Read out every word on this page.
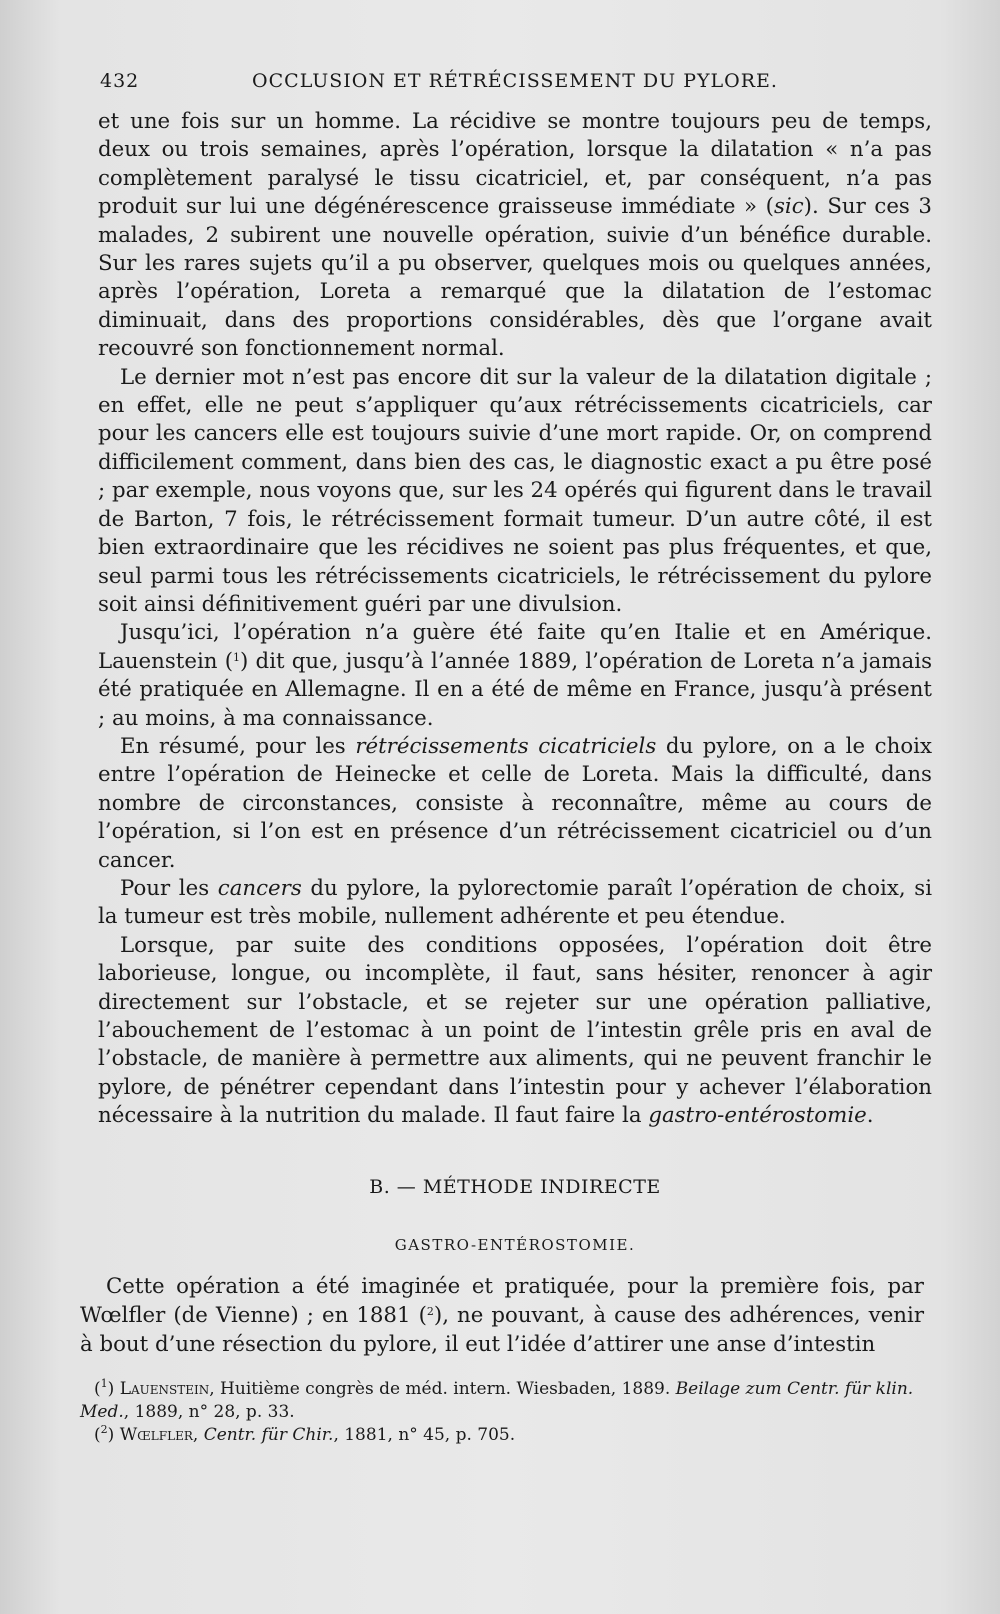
432	OCCLUSION ET RÉTRÉCISSEMENT DU PYLORE.

et une fois sur un homme. La récidive se montre toujours peu de temps, deux ou trois semaines, après l’opération, lorsque la dilatation « n’a pas complètement paralysé le tissu cicatriciel, et, par conséquent, n’a pas produit sur lui une dégénérescence graisseuse immédiate » (sic). Sur ces 3 malades, 2 subirent une nouvelle opération, suivie d’un bénéfice durable. Sur les rares sujets qu’il a pu observer, quelques mois ou quelques années, après l’opération, Loreta a remarqué que la dilatation de l’estomac diminuait, dans des proportions considérables, dès que l’organe avait recouvré son fonctionnement normal.

Le dernier mot n’est pas encore dit sur la valeur de la dilatation digitale ; en effet, elle ne peut s’appliquer qu’aux rétrécissements cicatriciels, car pour les cancers elle est toujours suivie d’une mort rapide. Or, on comprend difficilement comment, dans bien des cas, le diagnostic exact a pu être posé ; par exemple, nous voyons que, sur les 24 opérés qui figurent dans le travail de Barton, 7 fois, le rétrécissement formait tumeur. D’un autre côté, il est bien extraordinaire que les récidives ne soient pas plus fréquentes, et que, seul parmi tous les rétrécissements cicatriciels, le rétrécissement du pylore soit ainsi définitivement guéri par une divulsion.

Jusqu’ici, l’opération n’a guère été faite qu’en Italie et en Amérique. Lauenstein ($^1$) dit que, jusqu’à l’année 1889, l’opération de Loreta n’a jamais été pratiquée en Allemagne. Il en a été de même en France, jusqu’à présent ; au moins, à ma connaissance.

En résumé, pour les rétrécissements cicatriciels du pylore, on a le choix entre l’opération de Heinecke et celle de Loreta. Mais la difficulté, dans nombre de circonstances, consiste à reconnaître, même au cours de l’opération, si l’on est en présence d’un rétrécissement cicatriciel ou d’un cancer.

Pour les cancers du pylore, la pylorectomie paraît l’opération de choix, si la tumeur est très mobile, nullement adhérente et peu étendue.

Lorsque, par suite des conditions opposées, l’opération doit être laborieuse, longue, ou incomplète, il faut, sans hésiter, renoncer à agir directement sur l’obstacle, et se rejeter sur une opération palliative, l’abouchement de l’estomac à un point de l’intestin grêle pris en aval de l’obstacle, de manière à permettre aux aliments, qui ne peuvent franchir le pylore, de pénétrer cependant dans l’intestin pour y achever l’élaboration nécessaire à la nutrition du malade. Il faut faire la gastro-entérostomie.

B. — MÉTHODE INDIRECTE
GASTRO-ENTÉROSTOMIE.

Cette opération a été imaginée et pratiquée, pour la première fois, par Wœlfler (de Vienne) ; en 1881 ($^2$), ne pouvant, à cause des adhérences, venir à bout d’une résection du pylore, il eut l’idée d’attirer une anse d’intestin

($^1$) Lauenstein, Huitième congrès de méd. intern. Wiesbaden, 1889. Beilage zum Centr. für klin. Med., 1889, n° 28, p. 33.

($^2$) Wœlfler, Centr. für Chir., 1881, n° 45, p. 705.
